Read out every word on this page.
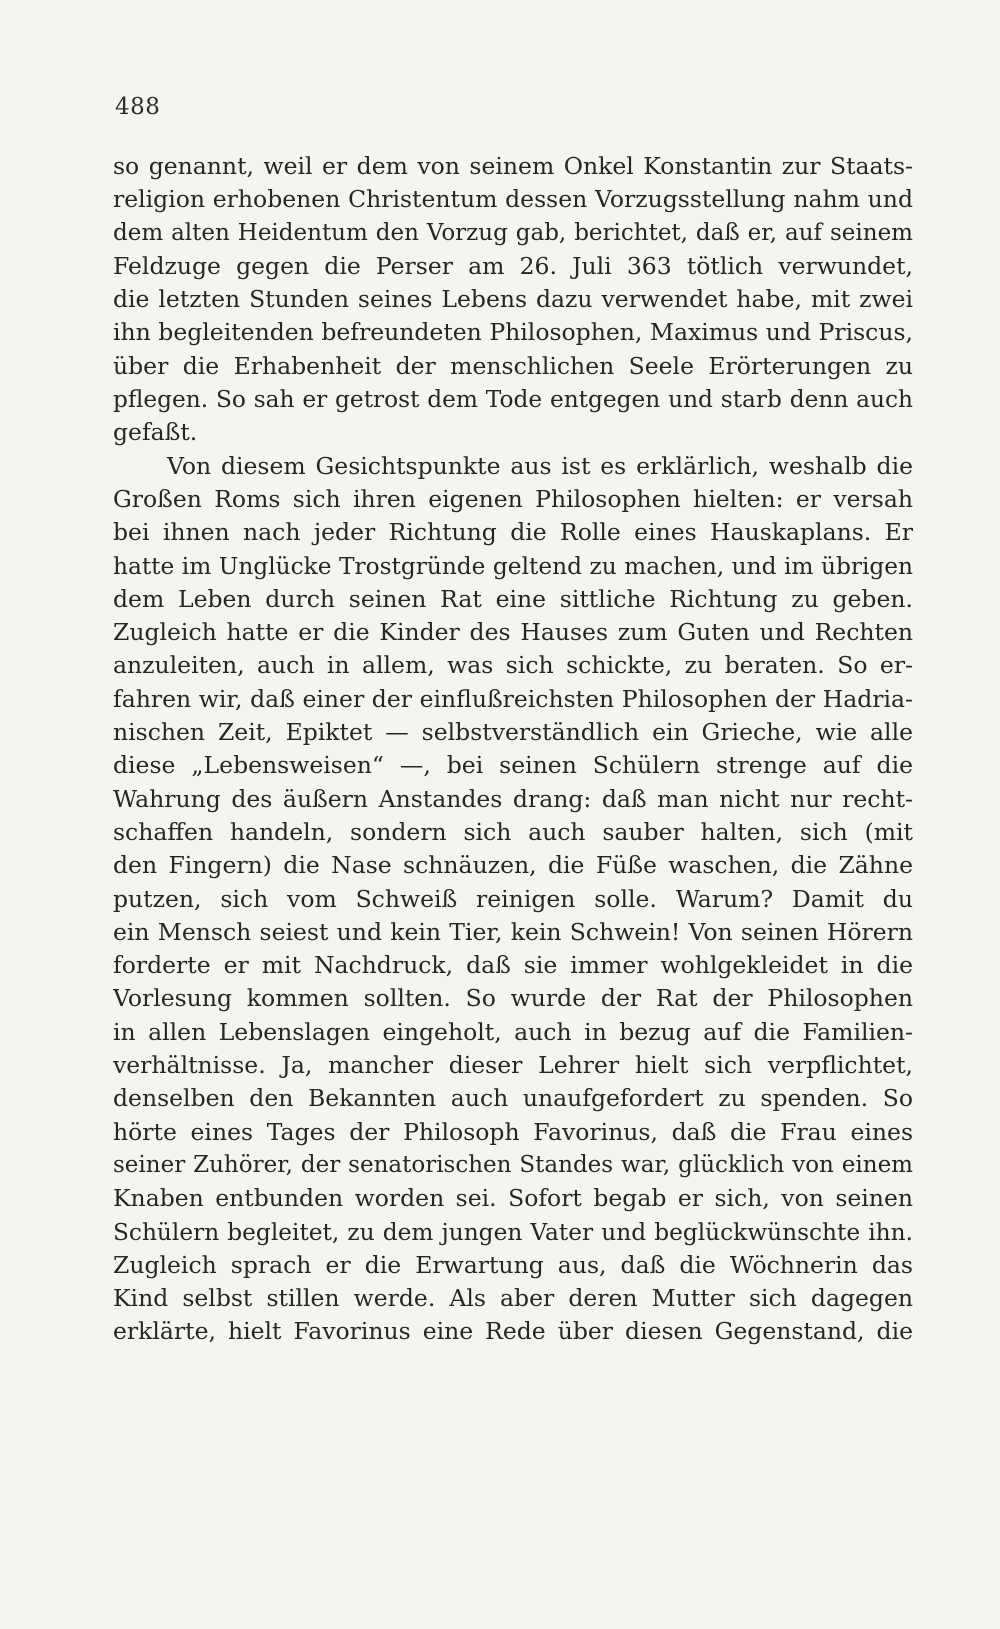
488
so genannt, weil er dem von seinem Onkel Konstantin zur Staats-
religion erhobenen Christentum dessen Vorzugsstellung nahm und
dem alten Heidentum den Vorzug gab, berichtet, daß er, auf seinem
Feldzuge gegen die Perser am 26. Juli 363 tötlich verwundet,
die letzten Stunden seines Lebens dazu verwendet habe, mit zwei
ihn begleitenden befreundeten Philosophen, Maximus und Priscus,
über die Erhabenheit der menschlichen Seele Erörterungen zu
pflegen. So sah er getrost dem Tode entgegen und starb denn auch
gefaßt.
Von diesem Gesichtspunkte aus ist es erklärlich, weshalb die
Großen Roms sich ihren eigenen Philosophen hielten: er versah
bei ihnen nach jeder Richtung die Rolle eines Hauskaplans. Er
hatte im Unglücke Trostgründe geltend zu machen, und im übrigen
dem Leben durch seinen Rat eine sittliche Richtung zu geben.
Zugleich hatte er die Kinder des Hauses zum Guten und Rechten
anzuleiten, auch in allem, was sich schickte, zu beraten. So er-
fahren wir, daß einer der einflußreichsten Philosophen der Hadria-
nischen Zeit, Epiktet — selbstverständlich ein Grieche, wie alle
diese „Lebensweisen“ —, bei seinen Schülern strenge auf die
Wahrung des äußern Anstandes drang: daß man nicht nur recht-
schaffen handeln, sondern sich auch sauber halten, sich (mit
den Fingern) die Nase schnäuzen, die Füße waschen, die Zähne
putzen, sich vom Schweiß reinigen solle. Warum? Damit du
ein Mensch seiest und kein Tier, kein Schwein! Von seinen Hörern
forderte er mit Nachdruck, daß sie immer wohlgekleidet in die
Vorlesung kommen sollten. So wurde der Rat der Philosophen
in allen Lebenslagen eingeholt, auch in bezug auf die Familien-
verhältnisse. Ja, mancher dieser Lehrer hielt sich verpflichtet,
denselben den Bekannten auch unaufgefordert zu spenden. So
hörte eines Tages der Philosoph Favorinus, daß die Frau eines
seiner Zuhörer, der senatorischen Standes war, glücklich von einem
Knaben entbunden worden sei. Sofort begab er sich, von seinen
Schülern begleitet, zu dem jungen Vater und beglückwünschte ihn.
Zugleich sprach er die Erwartung aus, daß die Wöchnerin das
Kind selbst stillen werde. Als aber deren Mutter sich dagegen
erklärte, hielt Favorinus eine Rede über diesen Gegenstand, die
